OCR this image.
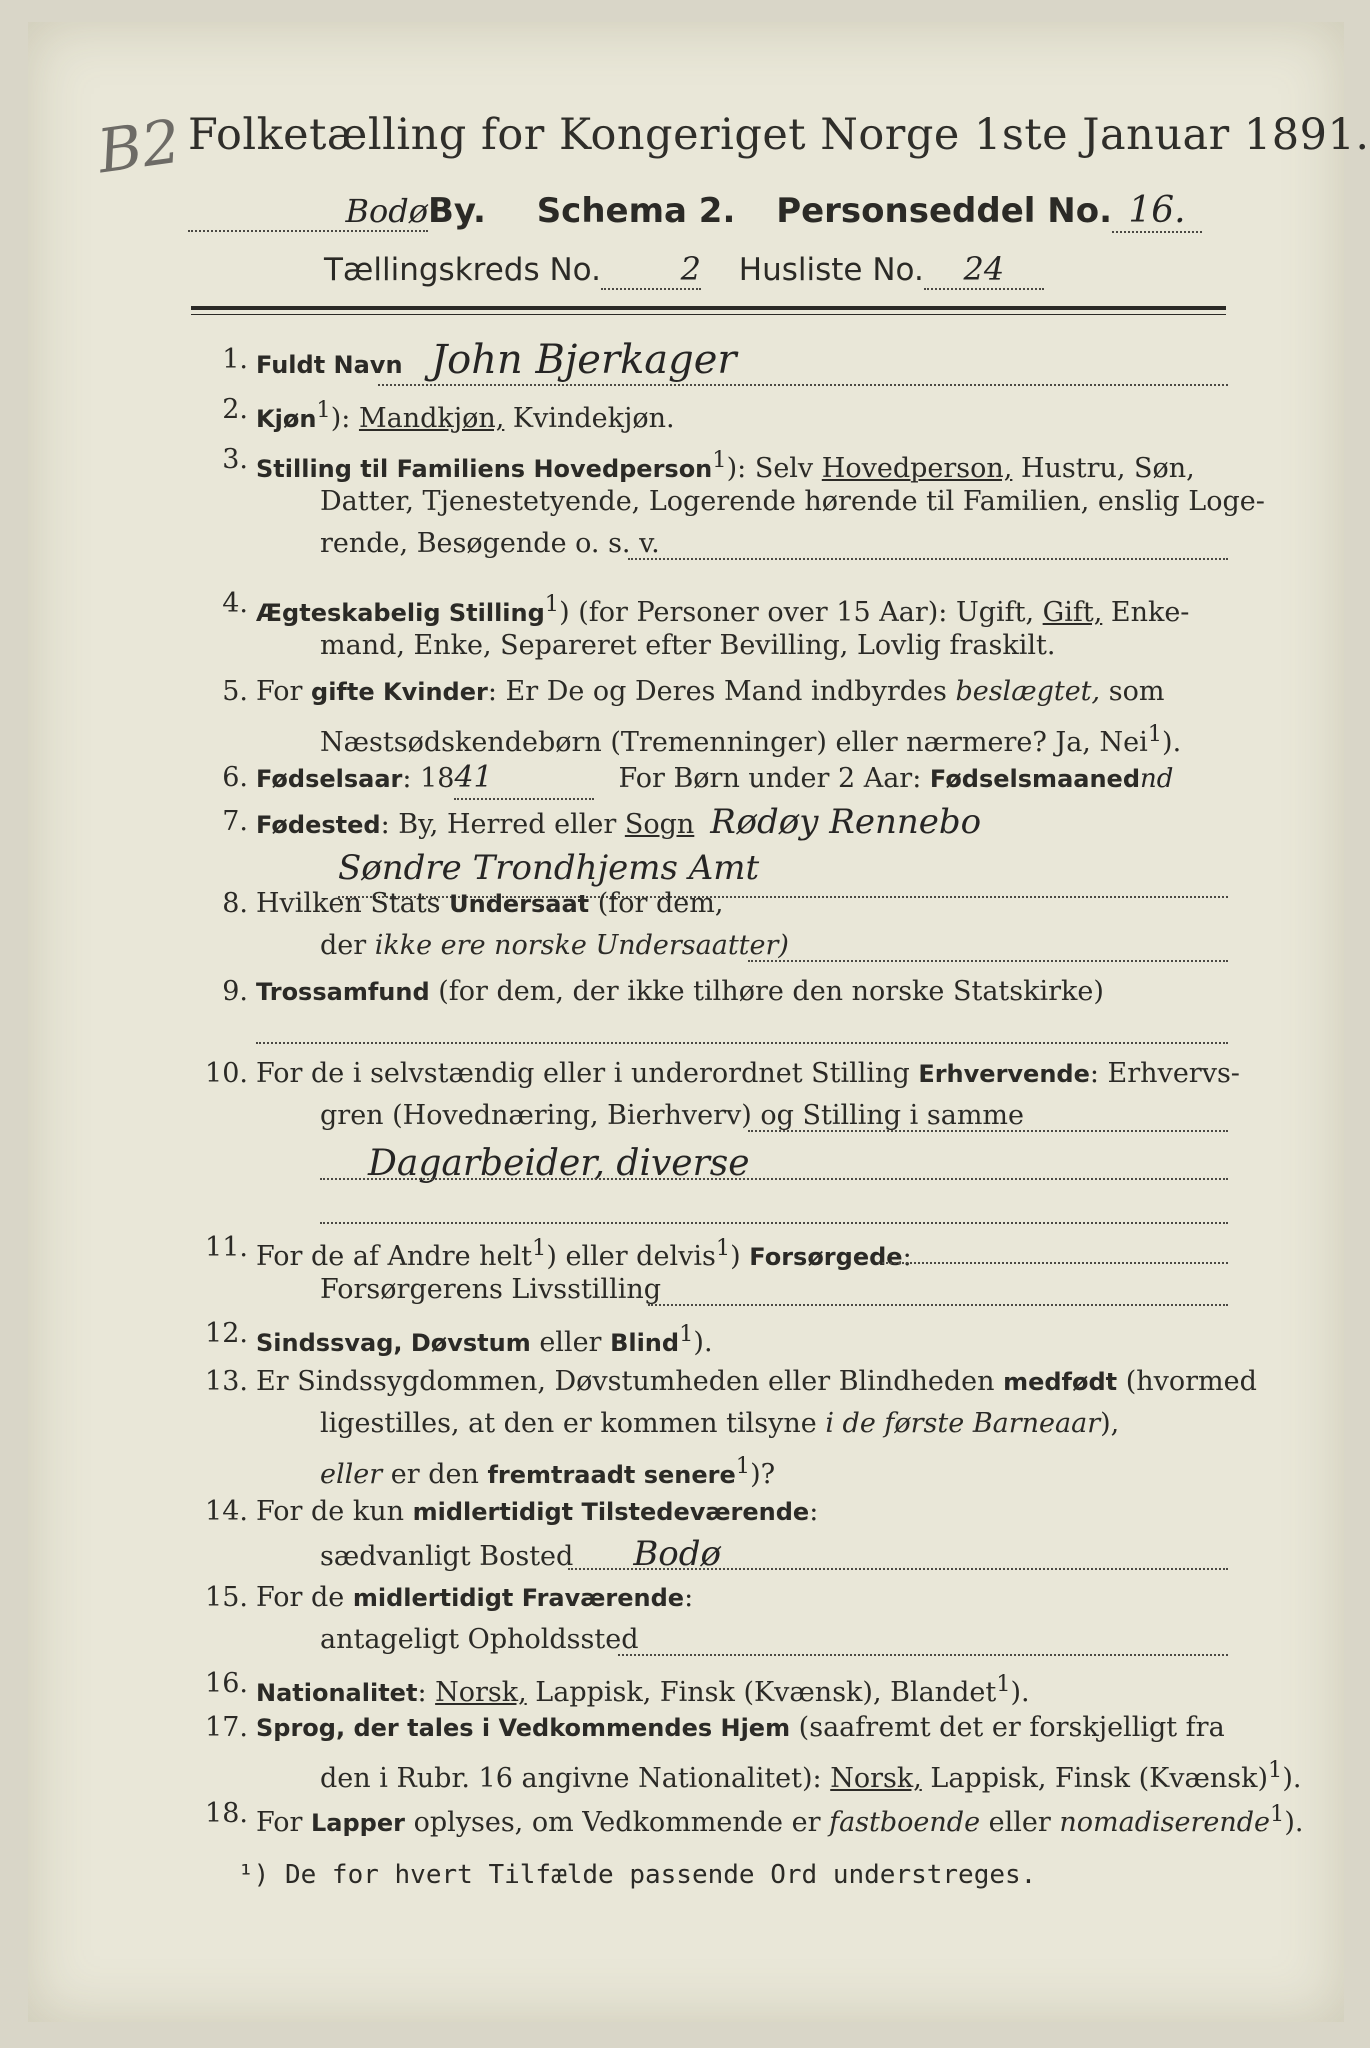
B2 Folketælling for Kongeriget Norge 1ste Januar 1891.
BodøBy. Schema 2. Personseddel No. 16.
Tællingskreds No. 2 Husliste No. 24
1. Fuldt Navn John Bjerkager
2. Kjøn$^1$): Mandkjøn, Kvindekjøn.
3. Stilling til Familiens Hovedperson$^1$): Selv Hovedperson, Hustru, Søn,
Datter, Tjenestetyende, Logerende hørende til Familien, enslig Loge-
rende, Besøgende o. s. v.
4. Ægteskabelig Stilling$^1$) (for Personer over 15 Aar): Ugift, Gift, Enke-
mand, Enke, Separeret efter Bevilling, Lovlig fraskilt.
5. For gifte Kvinder: Er De og Deres Mand indbyrdes beslægtet, som
Næstsødskendebørn (Tremenninger) eller nærmere? Ja, Nei$^1$).
6. Fødselsaar: 1841	For Børn under 2 Aar: Fødselsmaanednd
7. Fødested: By, Herred eller Sogn Rødøy Rennebo
Søndre Trondhjems Amt
8. Hvilken Stats Undersaat (for dem,
der ikke ere norske Undersaatter)
9. Trossamfund (for dem, der ikke tilhøre den norske Statskirke)
10. For de i selvstændig eller i underordnet Stilling Erhvervende: Erhvervs-
gren (Hovednæring, Bierhverv) og Stilling i samme
Dagarbeider, diverse
11. For de af Andre helt$^1$) eller delvis$^1$) Forsørgede:
Forsørgerens Livsstilling
12. Sindssvag, Døvstum eller Blind$^1$).
13. Er Sindssygdommen, Døvstumheden eller Blindheden medfødt (hvormed
ligestilles, at den er kommen tilsyne i de første Barneaar),
eller er den fremtraadt senere$^1$)?
14. For de kun midlertidigt Tilstedeværende:
sædvanligt Bosted Bodø
15. For de midlertidigt Fraværende:
antageligt Opholdssted
16. Nationalitet: Norsk, Lappisk, Finsk (Kvænsk), Blandet$^1$).
17. Sprog, der tales i Vedkommendes Hjem (saafremt det er forskjelligt fra
den i Rubr. 16 angivne Nationalitet): Norsk, Lappisk, Finsk (Kvænsk)$^1$).
18. For Lapper oplyses, om Vedkommende er fastboende eller nomadiserende$^1$).
¹) De for hvert Tilfælde passende Ord understreges.
